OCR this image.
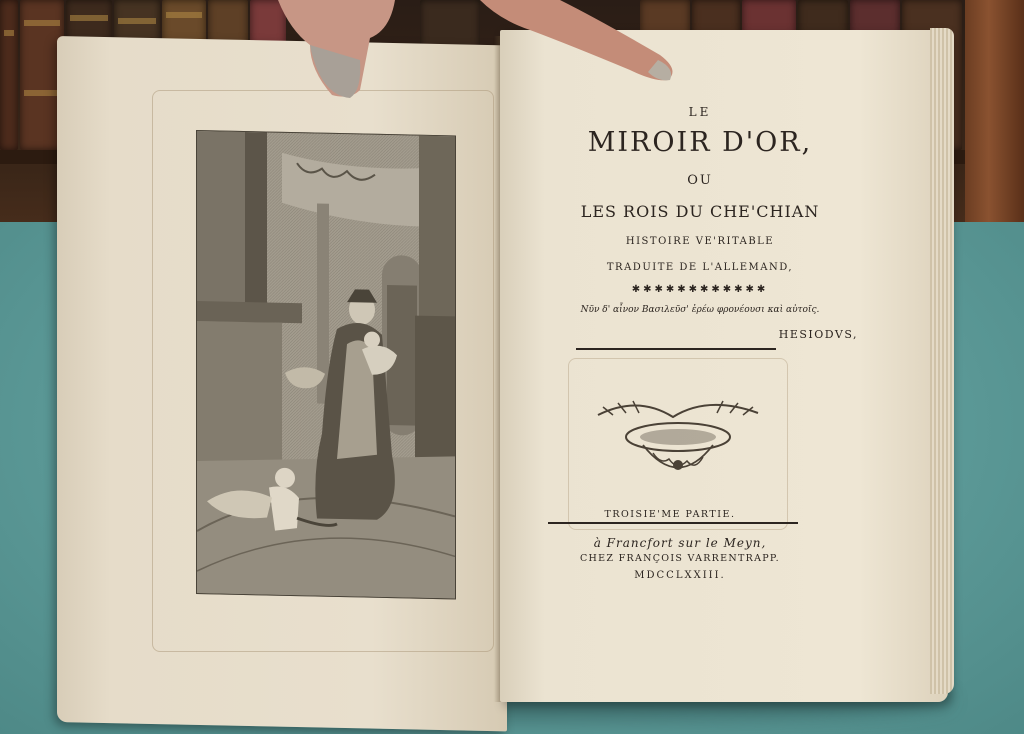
LE
MIROIR D'OR,
OU
LES ROIS DU CHE'CHIAN
HISTOIRE VE'RITABLE
TRADUITE DE L'ALLEMAND,
✱✱✱✱✱✱✱✱✱✱✱✱
Νῦν δ' αἶνον Βασιλεῦσ' ἐρέω φρονέουσι καὶ αὐτοῖς.
HESIODVS,
TROISIE'ME PARTIE.

à Francfort sur le Meyn,

CHEZ FRANÇOIS VARRENTRAPP.

MDCCLXXIII.
